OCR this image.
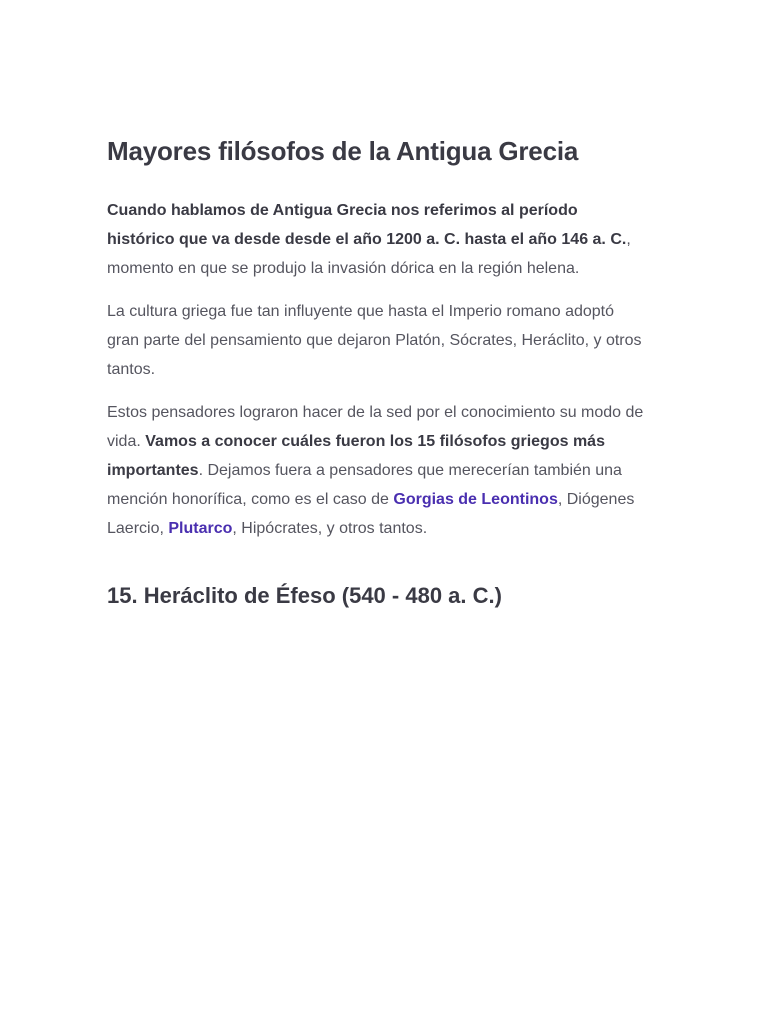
Mayores filósofos de la Antigua Grecia

Cuando hablamos de Antigua Grecia nos referimos al período histórico que va desde desde el año 1200 a. C. hasta el año 146 a. C., momento en que se produjo la invasión dórica en la región helena.

La cultura griega fue tan influyente que hasta el Imperio romano adoptó gran parte del pensamiento que dejaron Platón, Sócrates, Heráclito, y otros tantos.

Estos pensadores lograron hacer de la sed por el conocimiento su modo de vida. Vamos a conocer cuáles fueron los 15 filósofos griegos más importantes. Dejamos fuera a pensadores que merecerían también una mención honorífica, como es el caso de Gorgias de Leontinos, Diógenes Laercio, Plutarco, Hipócrates, y otros tantos.

15. Heráclito de Éfeso (540 - 480 a. C.)
